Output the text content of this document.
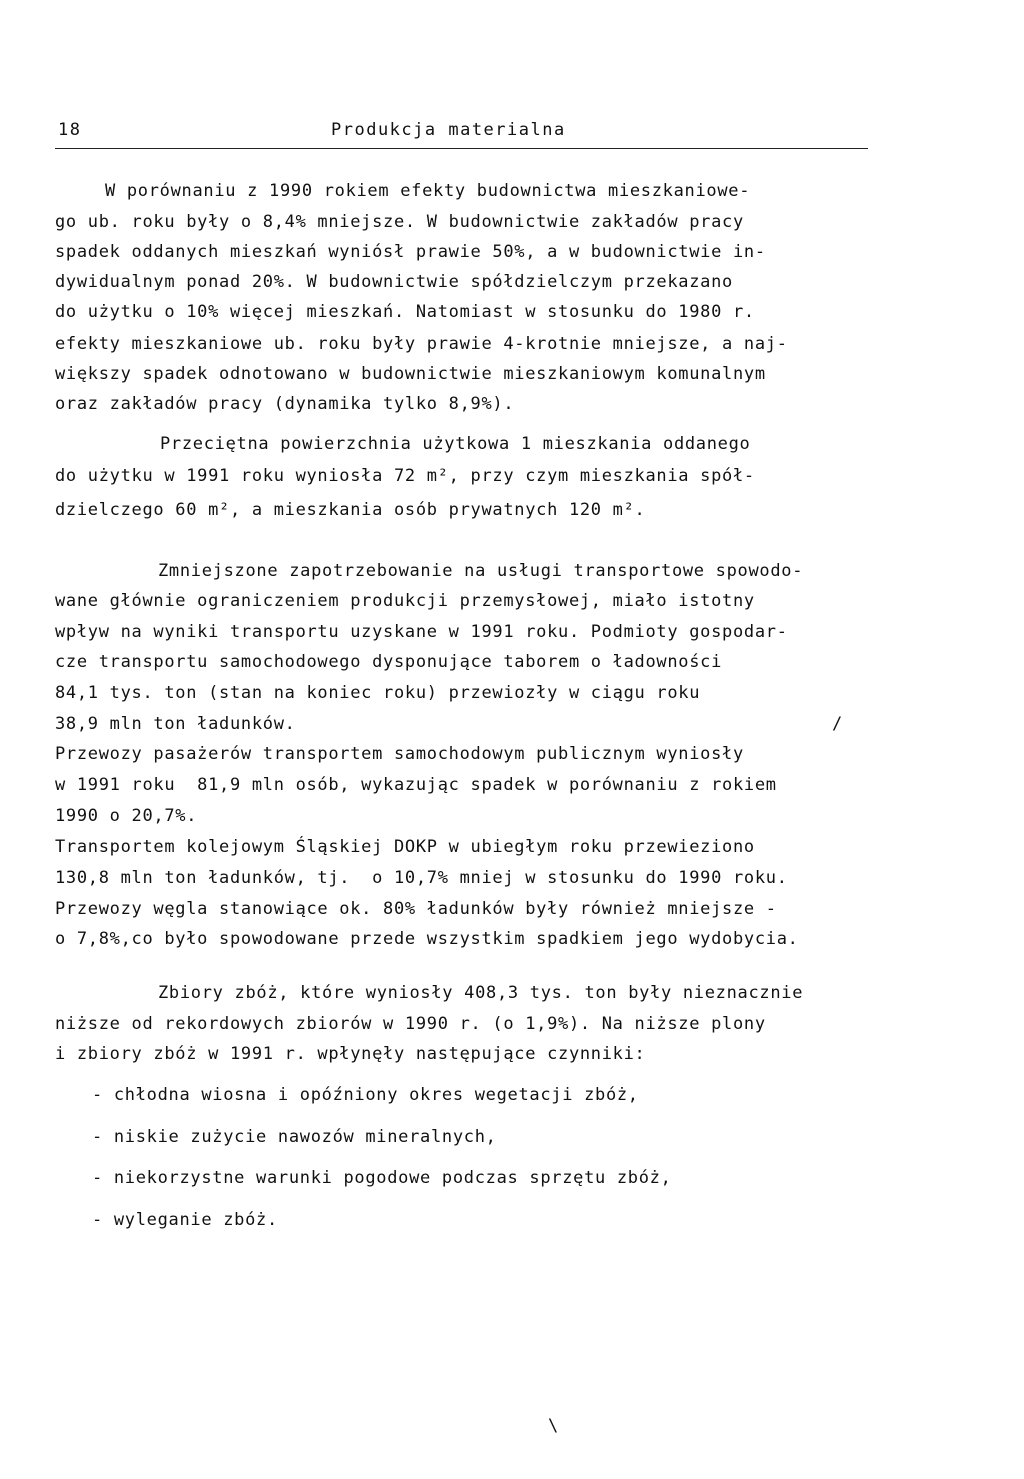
18	Produkcja materialna
W porównaniu z 1990 rokiem efekty budownictwa mieszkaniowe-
go ub. roku były o 8,4% mniejsze. W budownictwie zakładów pracy
spadek oddanych mieszkań wyniósł prawie 50%, a w budownictwie in-
dywidualnym ponad 20%. W budownictwie spółdzielczym przekazano
do użytku o 10% więcej mieszkań. Natomiast w stosunku do 1980 r.
efekty mieszkaniowe ub. roku były prawie 4-krotnie mniejsze, a naj-
większy spadek odnotowano w budownictwie mieszkaniowym komunalnym
oraz zakładów pracy (dynamika tylko 8,9%).
Przeciętna powierzchnia użytkowa 1 mieszkania oddanego
do użytku w 1991 roku wyniosła 72 m², przy czym mieszkania spół-
dzielczego 60 m², a mieszkania osób prywatnych 120 m².
Zmniejszone zapotrzebowanie na usługi transportowe spowodo-
wane głównie ograniczeniem produkcji przemysłowej, miało istotny
wpływ na wyniki transportu uzyskane w 1991 roku. Podmioty gospodar-
cze transportu samochodowego dysponujące taborem o ładowności
84,1 tys. ton (stan na koniec roku) przewiozły w ciągu roku
38,9 mln ton ładunków.
Przewozy pasażerów transportem samochodowym publicznym wyniosły
w 1991 roku  81,9 mln osób, wykazując spadek w porównaniu z rokiem
1990 o 20,7%.
Transportem kolejowym Śląskiej DOKP w ubiegłym roku przewieziono
130,8 mln ton ładunków, tj.  o 10,7% mniej w stosunku do 1990 roku.
Przewozy węgla stanowiące ok. 80% ładunków były również mniejsze -
o 7,8%,co było spowodowane przede wszystkim spadkiem jego wydobycia.
Zbiory zbóż, które wyniosły 408,3 tys. ton były nieznacznie
niższe od rekordowych zbiorów w 1990 r. (o 1,9%). Na niższe plony
i zbiory zbóż w 1991 r. wpłynęły następujące czynniki:
- chłodna wiosna i opóźniony okres wegetacji zbóż,
- niskie zużycie nawozów mineralnych,
- niekorzystne warunki pogodowe podczas sprzętu zbóż,
- wyleganie zbóż.
/
\
